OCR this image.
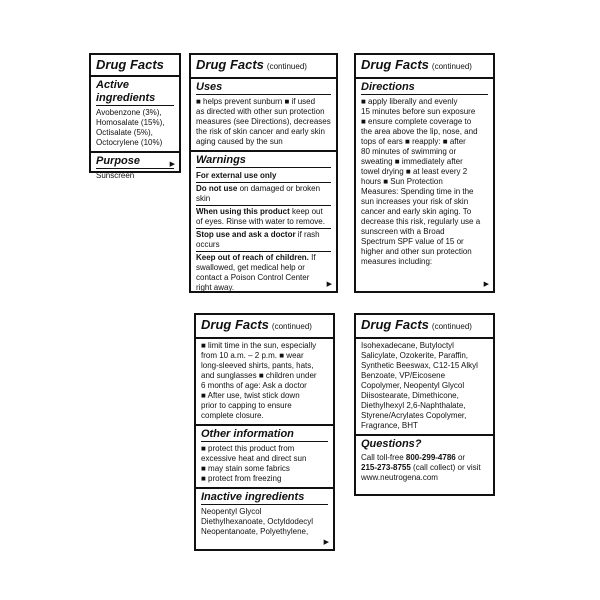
Drug Facts
Active ingredients
Avobenzone (3%),
Homosalate (15%),
Octisalate (5%),
Octocrylene (10%)
Purpose
Sunscreen
▶
Drug Facts (continued)
Uses
■ helps prevent sunburn ■ if used
as directed with other sun protection
measures (see Directions), decreases
the risk of skin cancer and early skin
aging caused by the sun
Warnings
For external use only
Do not use on damaged or broken skin
When using this product keep out
of eyes. Rinse with water to remove.
Stop use and ask a doctor if rash
occurs
Keep out of reach of children. If
swallowed, get medical help or
contact a Poison Control Center
right away.	▶
Drug Facts (continued)
Directions
■ apply liberally and evenly
15 minutes before sun exposure
■ ensure complete coverage to
the area above the lip, nose, and
tops of ears ■ reapply: ■ after
80 minutes of swimming or
sweating ■ immediately after
towel drying ■ at least every 2
hours ■ Sun Protection
Measures: Spending time in the
sun increases your risk of skin
cancer and early skin aging. To
decrease this risk, regularly use a
sunscreen with a Broad
Spectrum SPF value of 15 or
higher and other sun protection
measures including:
▶
Drug Facts (continued)
■ limit time in the sun, especially
from 10 a.m. – 2 p.m. ■ wear
long-sleeved shirts, pants, hats,
and sunglasses ■ children under
6 months of age: Ask a doctor
■ After use, twist stick down
prior to capping to ensure
complete closure.
Other information
■ protect this product from
excessive heat and direct sun
■ may stain some fabrics
■ protect from freezing
Inactive ingredients
Neopentyl Glycol
Diethylhexanoate, Octyldodecyl
Neopentanoate, Polyethylene,
▶
Drug Facts (continued)
Isohexadecane, Butyloctyl
Salicylate, Ozokerite, Paraffin,
Synthetic Beeswax, C12-15 Alkyl
Benzoate, VP/Eicosene
Copolymer, Neopentyl Glycol
Diisostearate, Dimethicone,
Diethylhexyl 2,6-Naphthalate,
Styrene/Acrylates Copolymer,
Fragrance, BHT
Questions?
Call toll-free 800-299-4786 or
215-273-8755 (call collect) or visit
www.neutrogena.com
